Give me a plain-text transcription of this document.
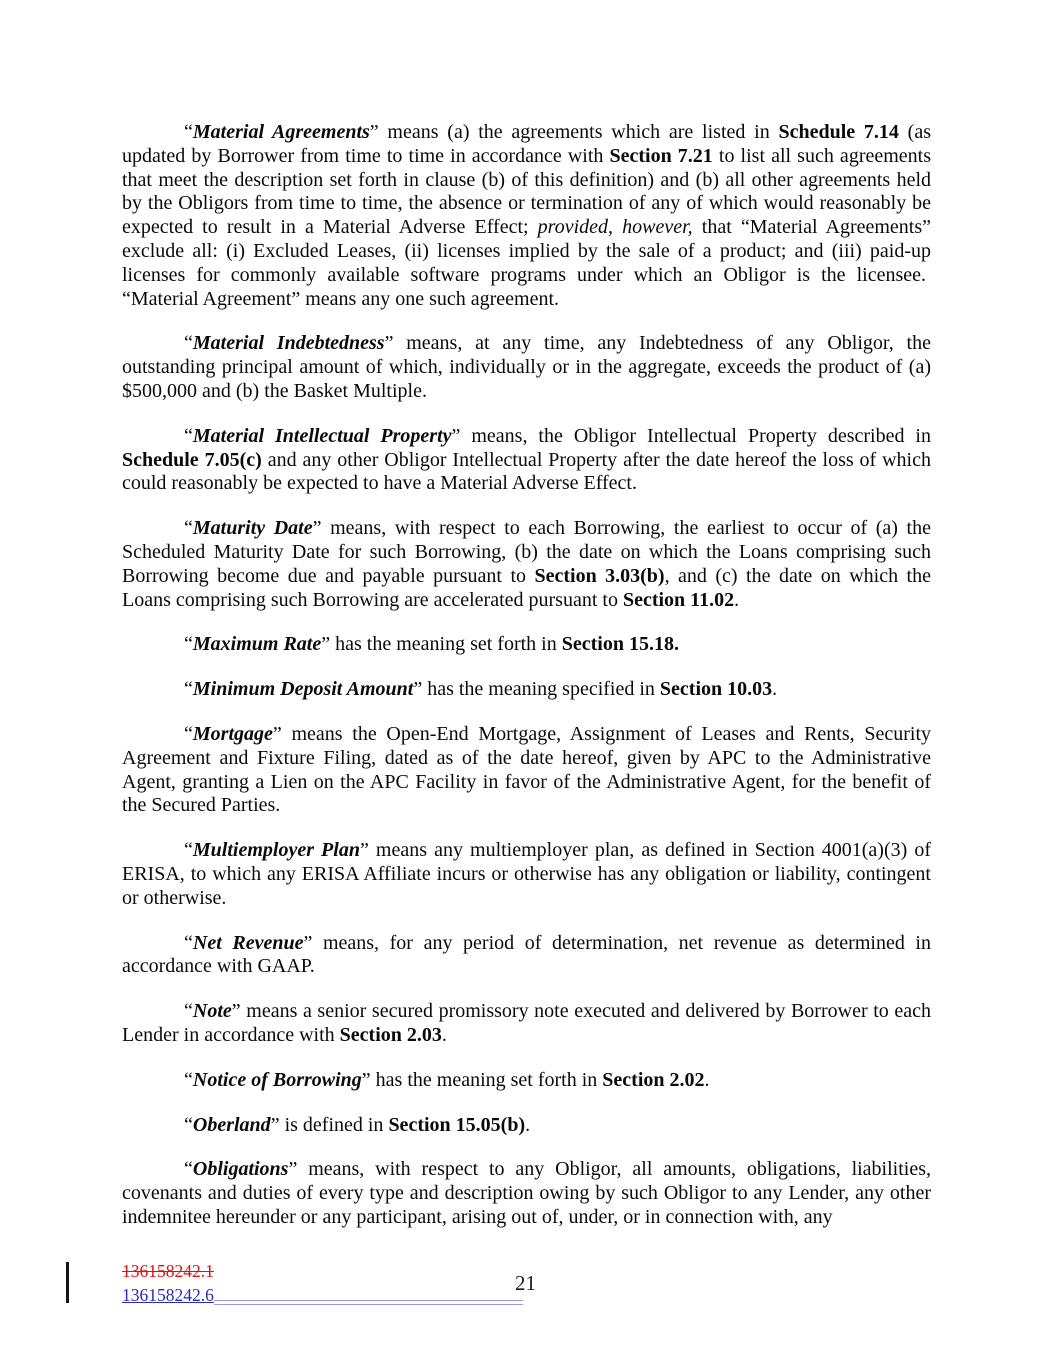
“Material Agreements” means (a) the agreements which are listed in Schedule 7.14 (as updated by Borrower from time to time in accordance with Section 7.21 to list all such agreements that meet the description set forth in clause (b) of this definition) and (b) all other agreements held by the Obligors from time to time, the absence or termination of any of which would reasonably be expected to result in a Material Adverse Effect; provided, however, that “Material Agreements” exclude all: (i) Excluded Leases, (ii) licenses implied by the sale of a product; and (iii) paid-up licenses for commonly available software programs under which an Obligor is the licensee.  “Material Agreement” means any one such agreement.

“Material Indebtedness” means, at any time, any Indebtedness of any Obligor, the outstanding principal amount of which, individually or in the aggregate, exceeds the product of (a) $500,000 and (b) the Basket Multiple.

“Material Intellectual Property” means, the Obligor Intellectual Property described in Schedule 7.05(c) and any other Obligor Intellectual Property after the date hereof the loss of which could reasonably be expected to have a Material Adverse Effect.

“Maturity Date” means, with respect to each Borrowing, the earliest to occur of (a) the Scheduled Maturity Date for such Borrowing, (b) the date on which the Loans comprising such Borrowing become due and payable pursuant to Section 3.03(b), and (c) the date on which the Loans comprising such Borrowing are accelerated pursuant to Section 11.02.

“Maximum Rate” has the meaning set forth in Section 15.18.

“Minimum Deposit Amount” has the meaning specified in Section 10.03.

“Mortgage” means the Open-End Mortgage, Assignment of Leases and Rents, Security Agreement and Fixture Filing, dated as of the date hereof, given by APC to the Administrative Agent, granting a Lien on the APC Facility in favor of the Administrative Agent, for the benefit of the Secured Parties.

“Multiemployer Plan” means any multiemployer plan, as defined in Section 4001(a)(3) of ERISA, to which any ERISA Affiliate incurs or otherwise has any obligation or liability, contingent or otherwise.

“Net Revenue” means, for any period of determination, net revenue as determined in accordance with GAAP.

“Note” means a senior secured promissory note executed and delivered by Borrower to each Lender in accordance with Section 2.03.

“Notice of Borrowing” has the meaning set forth in Section 2.02.

“Oberland” is defined in Section 15.05(b).

“Obligations” means, with respect to any Obligor, all amounts, obligations, liabilities, covenants and duties of every type and description owing by such Obligor to any Lender, any other indemnitee hereunder or any participant, arising out of, under, or in connection with, any

136158242.1
136158242.6	21
